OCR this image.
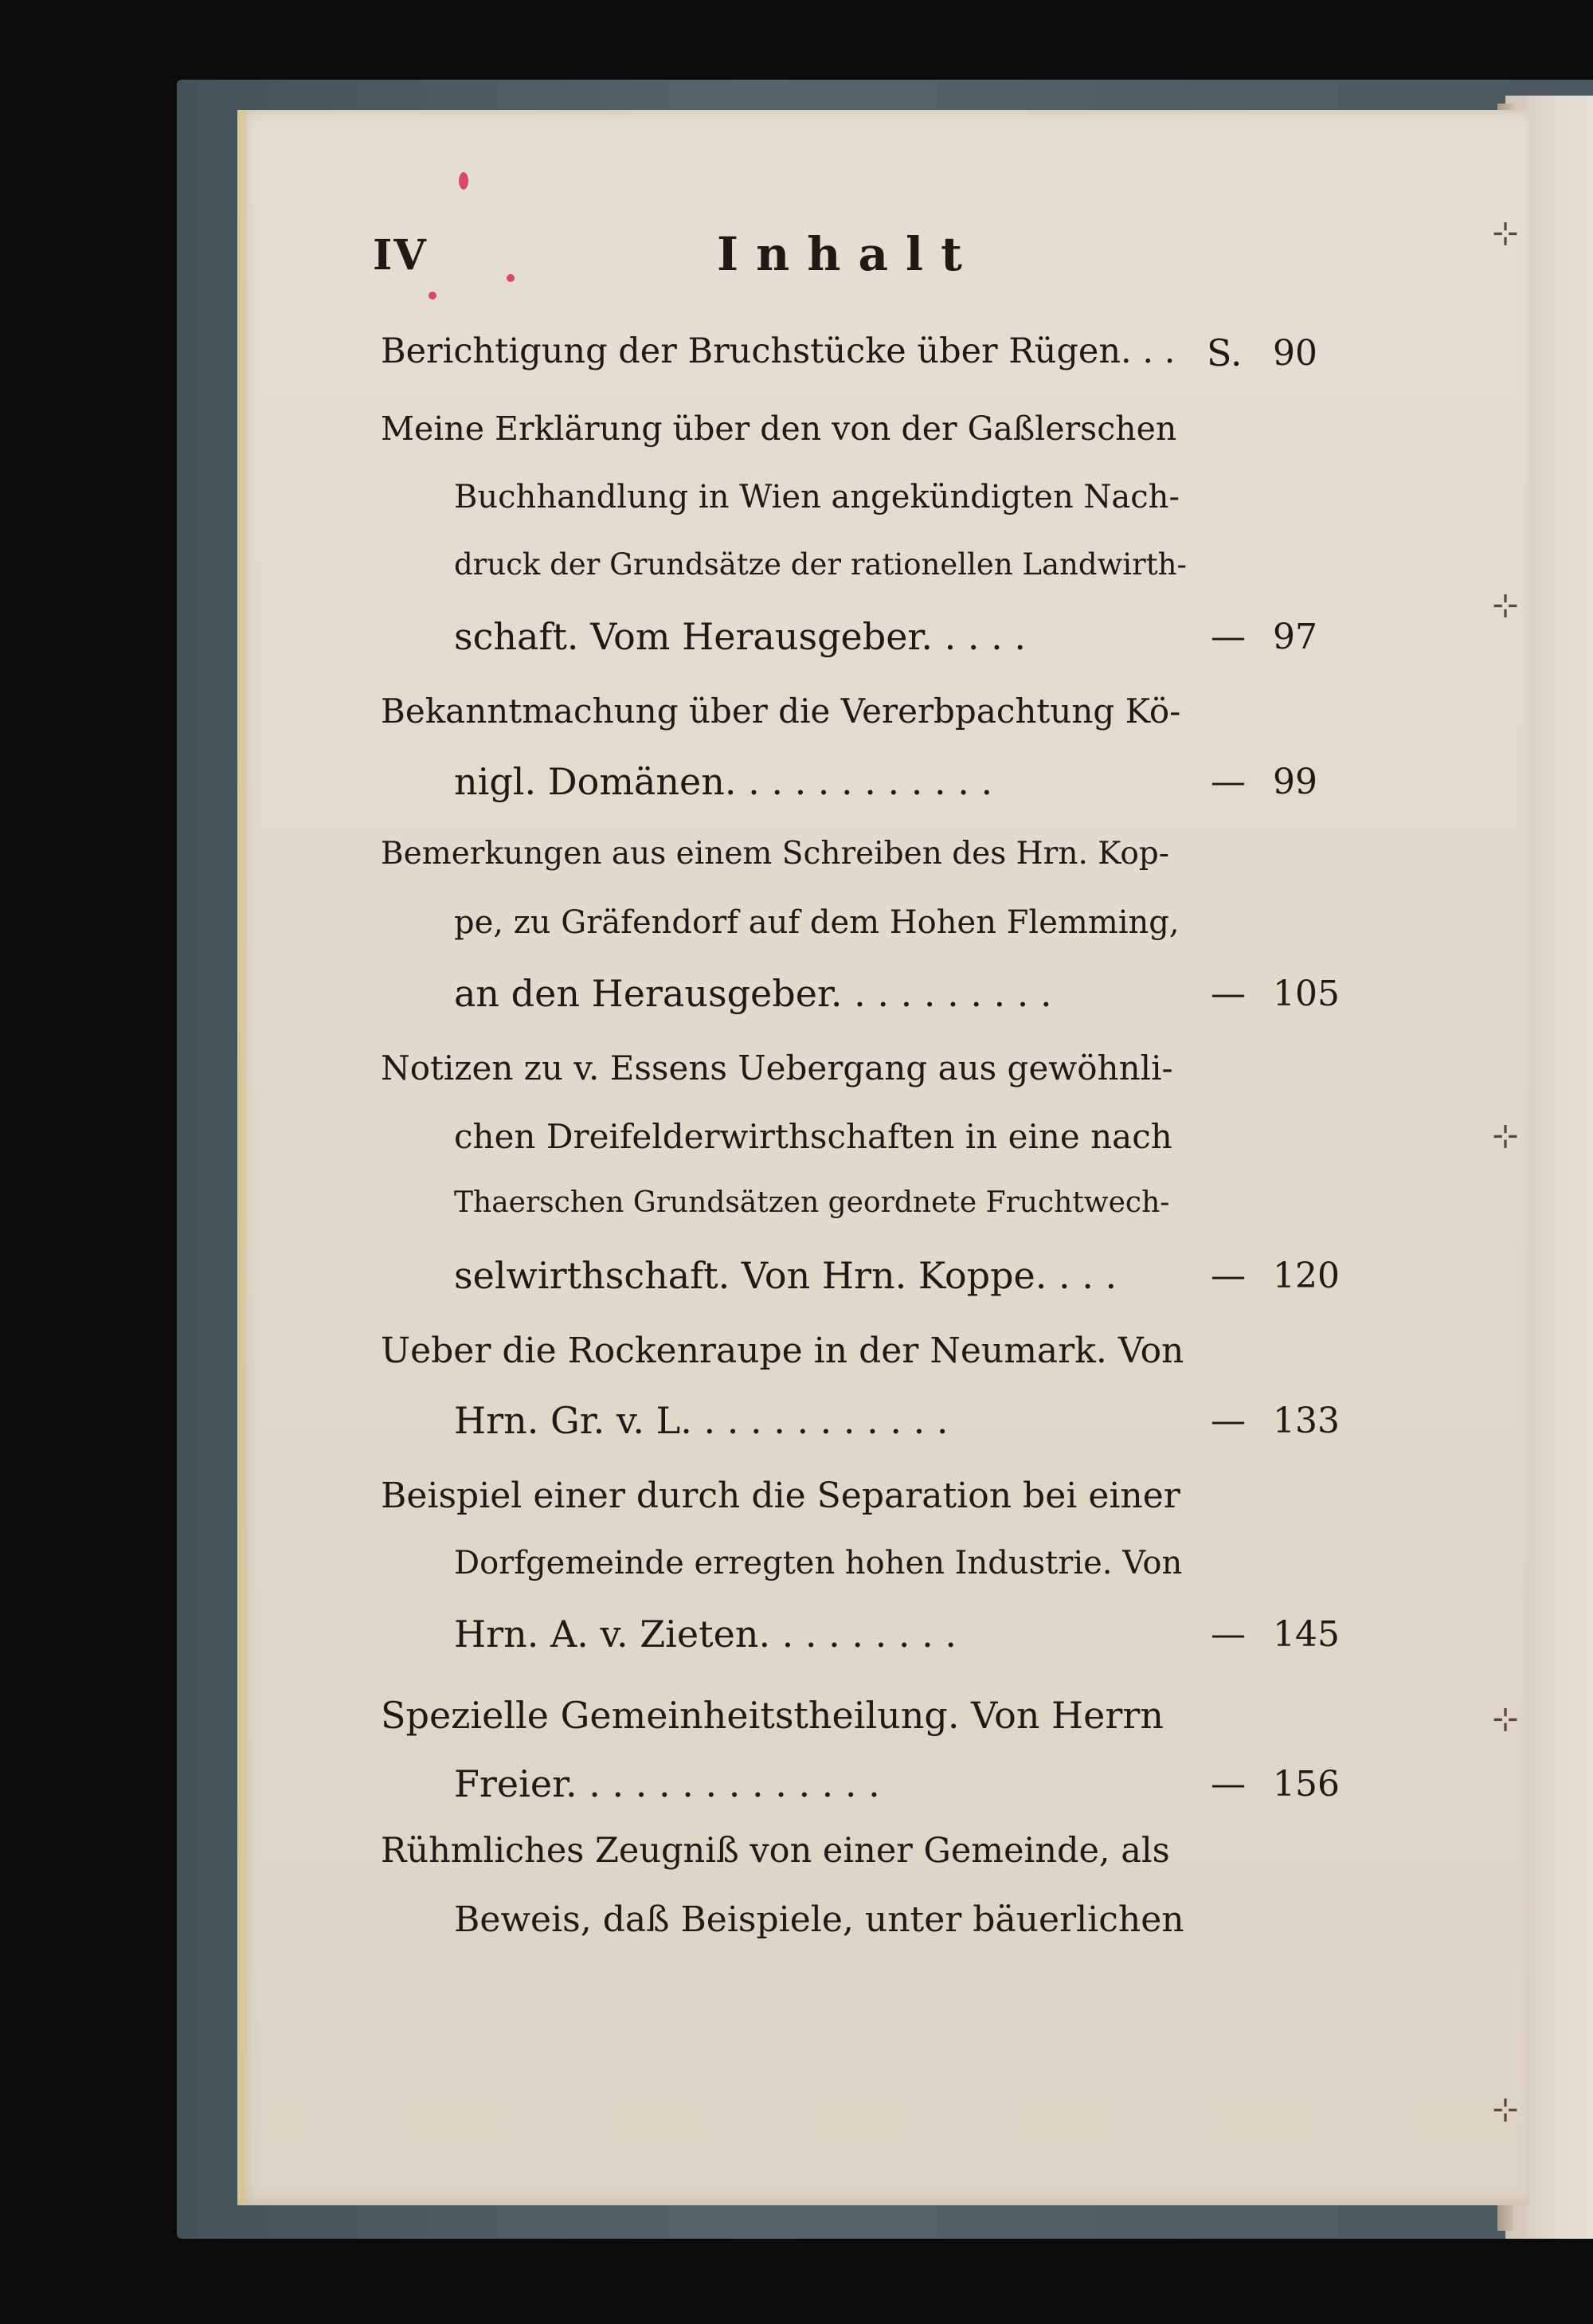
⊹
⊹
⊹
⊹
⊹
IV	Inhalt
Berichtigung der Bruchstücke über Rügen. . . S. 90
Meine Erklärung über den von der Gaßlerschen
Buchhandlung in Wien angekündigten Nach-
druck der Grundsätze der rationellen Landwirth-
schaft. Vom Herausgeber. . . . .	— 97
Bekanntmachung über die Vererbpachtung Kö-
nigl. Domänen. . . . . . . . . . . .	— 99
Bemerkungen aus einem Schreiben des Hrn. Kop-
pe, zu Gräfendorf auf dem Hohen Flemming,
an den Herausgeber. . . . . . . . . .	— 105
Notizen zu v. Essens Uebergang aus gewöhnli-
chen Dreifelderwirthschaften in eine nach
Thaerschen Grundsätzen geordnete Fruchtwech-
selwirthschaft. Von Hrn. Koppe. . . .	— 120
Ueber die Rockenraupe in der Neumark. Von
Hrn. Gr. v. L. . . . . . . . . . . .	— 133
Beispiel einer durch die Separation bei einer
Dorfgemeinde erregten hohen Industrie. Von
Hrn. A. v. Zieten. . . . . . . . .	— 145
Spezielle Gemeinheitstheilung. Von Herrn
Freier. . . . . . . . . . . . . .	— 156
Rühmliches Zeugniß von einer Gemeinde, als
Beweis, daß Beispiele, unter bäuerlichen
